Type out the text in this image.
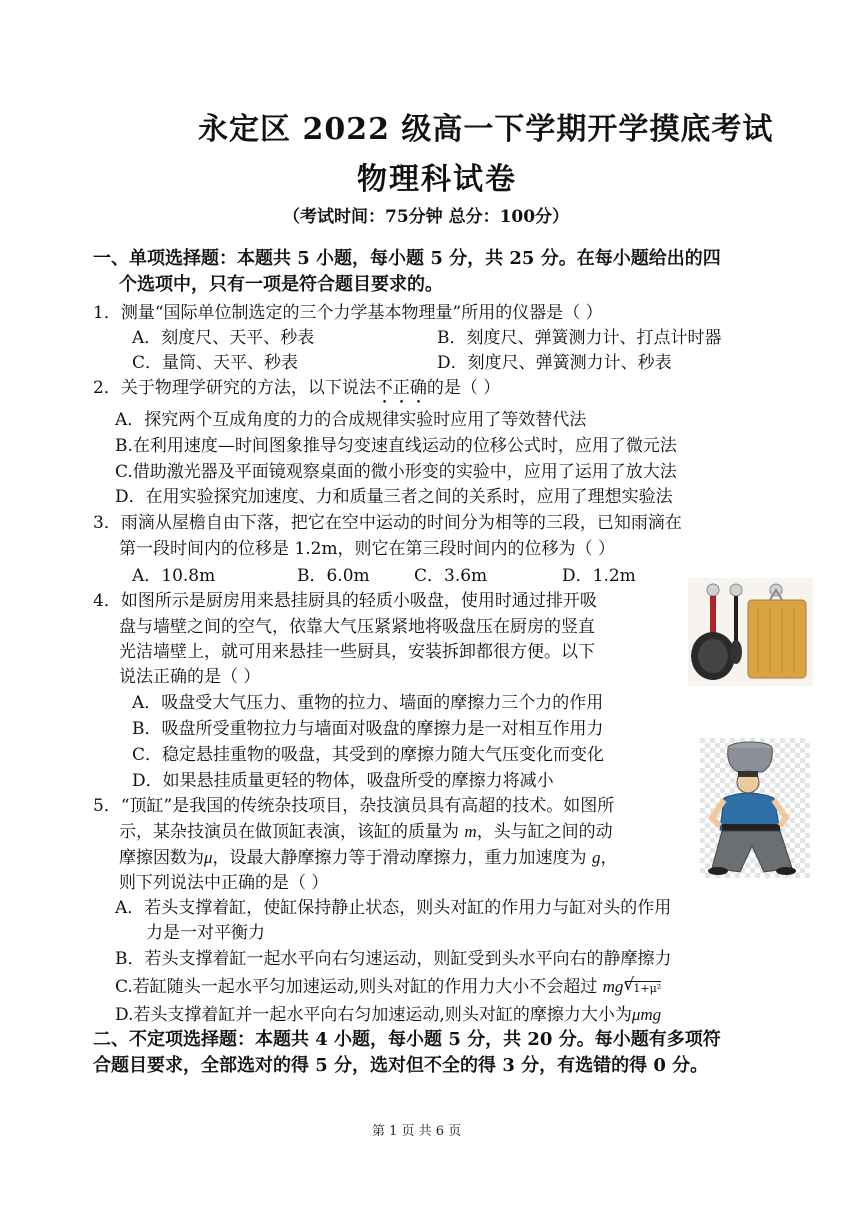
永定区 2022 级高一下学期开学摸底考试
物理科试卷
（考试时间：75分钟 总分：100分）
一、单项选择题：本题共 5 小题，每小题 5 分，共 25 分。在每小题给出的四
个选项中，只有一项是符合题目要求的。
1．测量“国际单位制选定的三个力学基本物理量”所用的仪器是（ ）
A．刻度尺、天平、秒表	B．刻度尺、弹簧测力计、打点计时器
C．量筒、天平、秒表	D．刻度尺、弹簧测力计、秒表
2．关于物理学研究的方法，以下说法不正确的是（ ）
A．探究两个互成角度的力的合成规律实验时应用了等效替代法
B.在利用速度—时间图象推导匀变速直线运动的位移公式时，应用了微元法
C.借助激光器及平面镜观察桌面的微小形变的实验中，应用了运用了放大法
D．在用实验探究加速度、力和质量三者之间的关系时，应用了理想实验法
3．雨滴从屋檐自由下落，把它在空中运动的时间分为相等的三段，已知雨滴在
第一段时间内的位移是 1.2m，则它在第三段时间内的位移为（ ）
A．10.8m	B．6.0m	C．3.6m	D．1.2m
4．如图所示是厨房用来悬挂厨具的轻质小吸盘，使用时通过排开吸
盘与墙壁之间的空气，依靠大气压紧紧地将吸盘压在厨房的竖直
光洁墙壁上，就可用来悬挂一些厨具，安装拆卸都很方便。以下
说法正确的是（ ）
A．吸盘受大气压力、重物的拉力、墙面的摩擦力三个力的作用
B．吸盘所受重物拉力与墙面对吸盘的摩擦力是一对相互作用力
C．稳定悬挂重物的吸盘，其受到的摩擦力随大气压变化而变化
D．如果悬挂质量更轻的物体，吸盘所受的摩擦力将减小
5．“顶缸”是我国的传统杂技项目，杂技演员具有高超的技术。如图所
示，某杂技演员在做顶缸表演，该缸的质量为 m，头与缸之间的动
摩擦因数为μ，设最大静摩擦力等于滑动摩擦力，重力加速度为 g，
则下列说法中正确的是（ ）
A．若头支撑着缸，使缸保持静止状态，则头对缸的作用力与缸对头的作用
力是一对平衡力
B．若头支撑着缸一起水平向右匀速运动，则缸受到头水平向右的静摩擦力
C.若缸随头一起水平匀加速运动,则头对缸的作用力大小不会超过 mg√ 1+μ²
D.若头支撑着缸并一起水平向右匀加速运动,则头对缸的摩擦力大小为μmg
二、不定项选择题：本题共 4 小题，每小题 5 分，共 20 分。每小题有多项符
合题目要求，全部选对的得 5 分，选对但不全的得 3 分，有选错的得 0 分。
第 1 页 共 6 页
